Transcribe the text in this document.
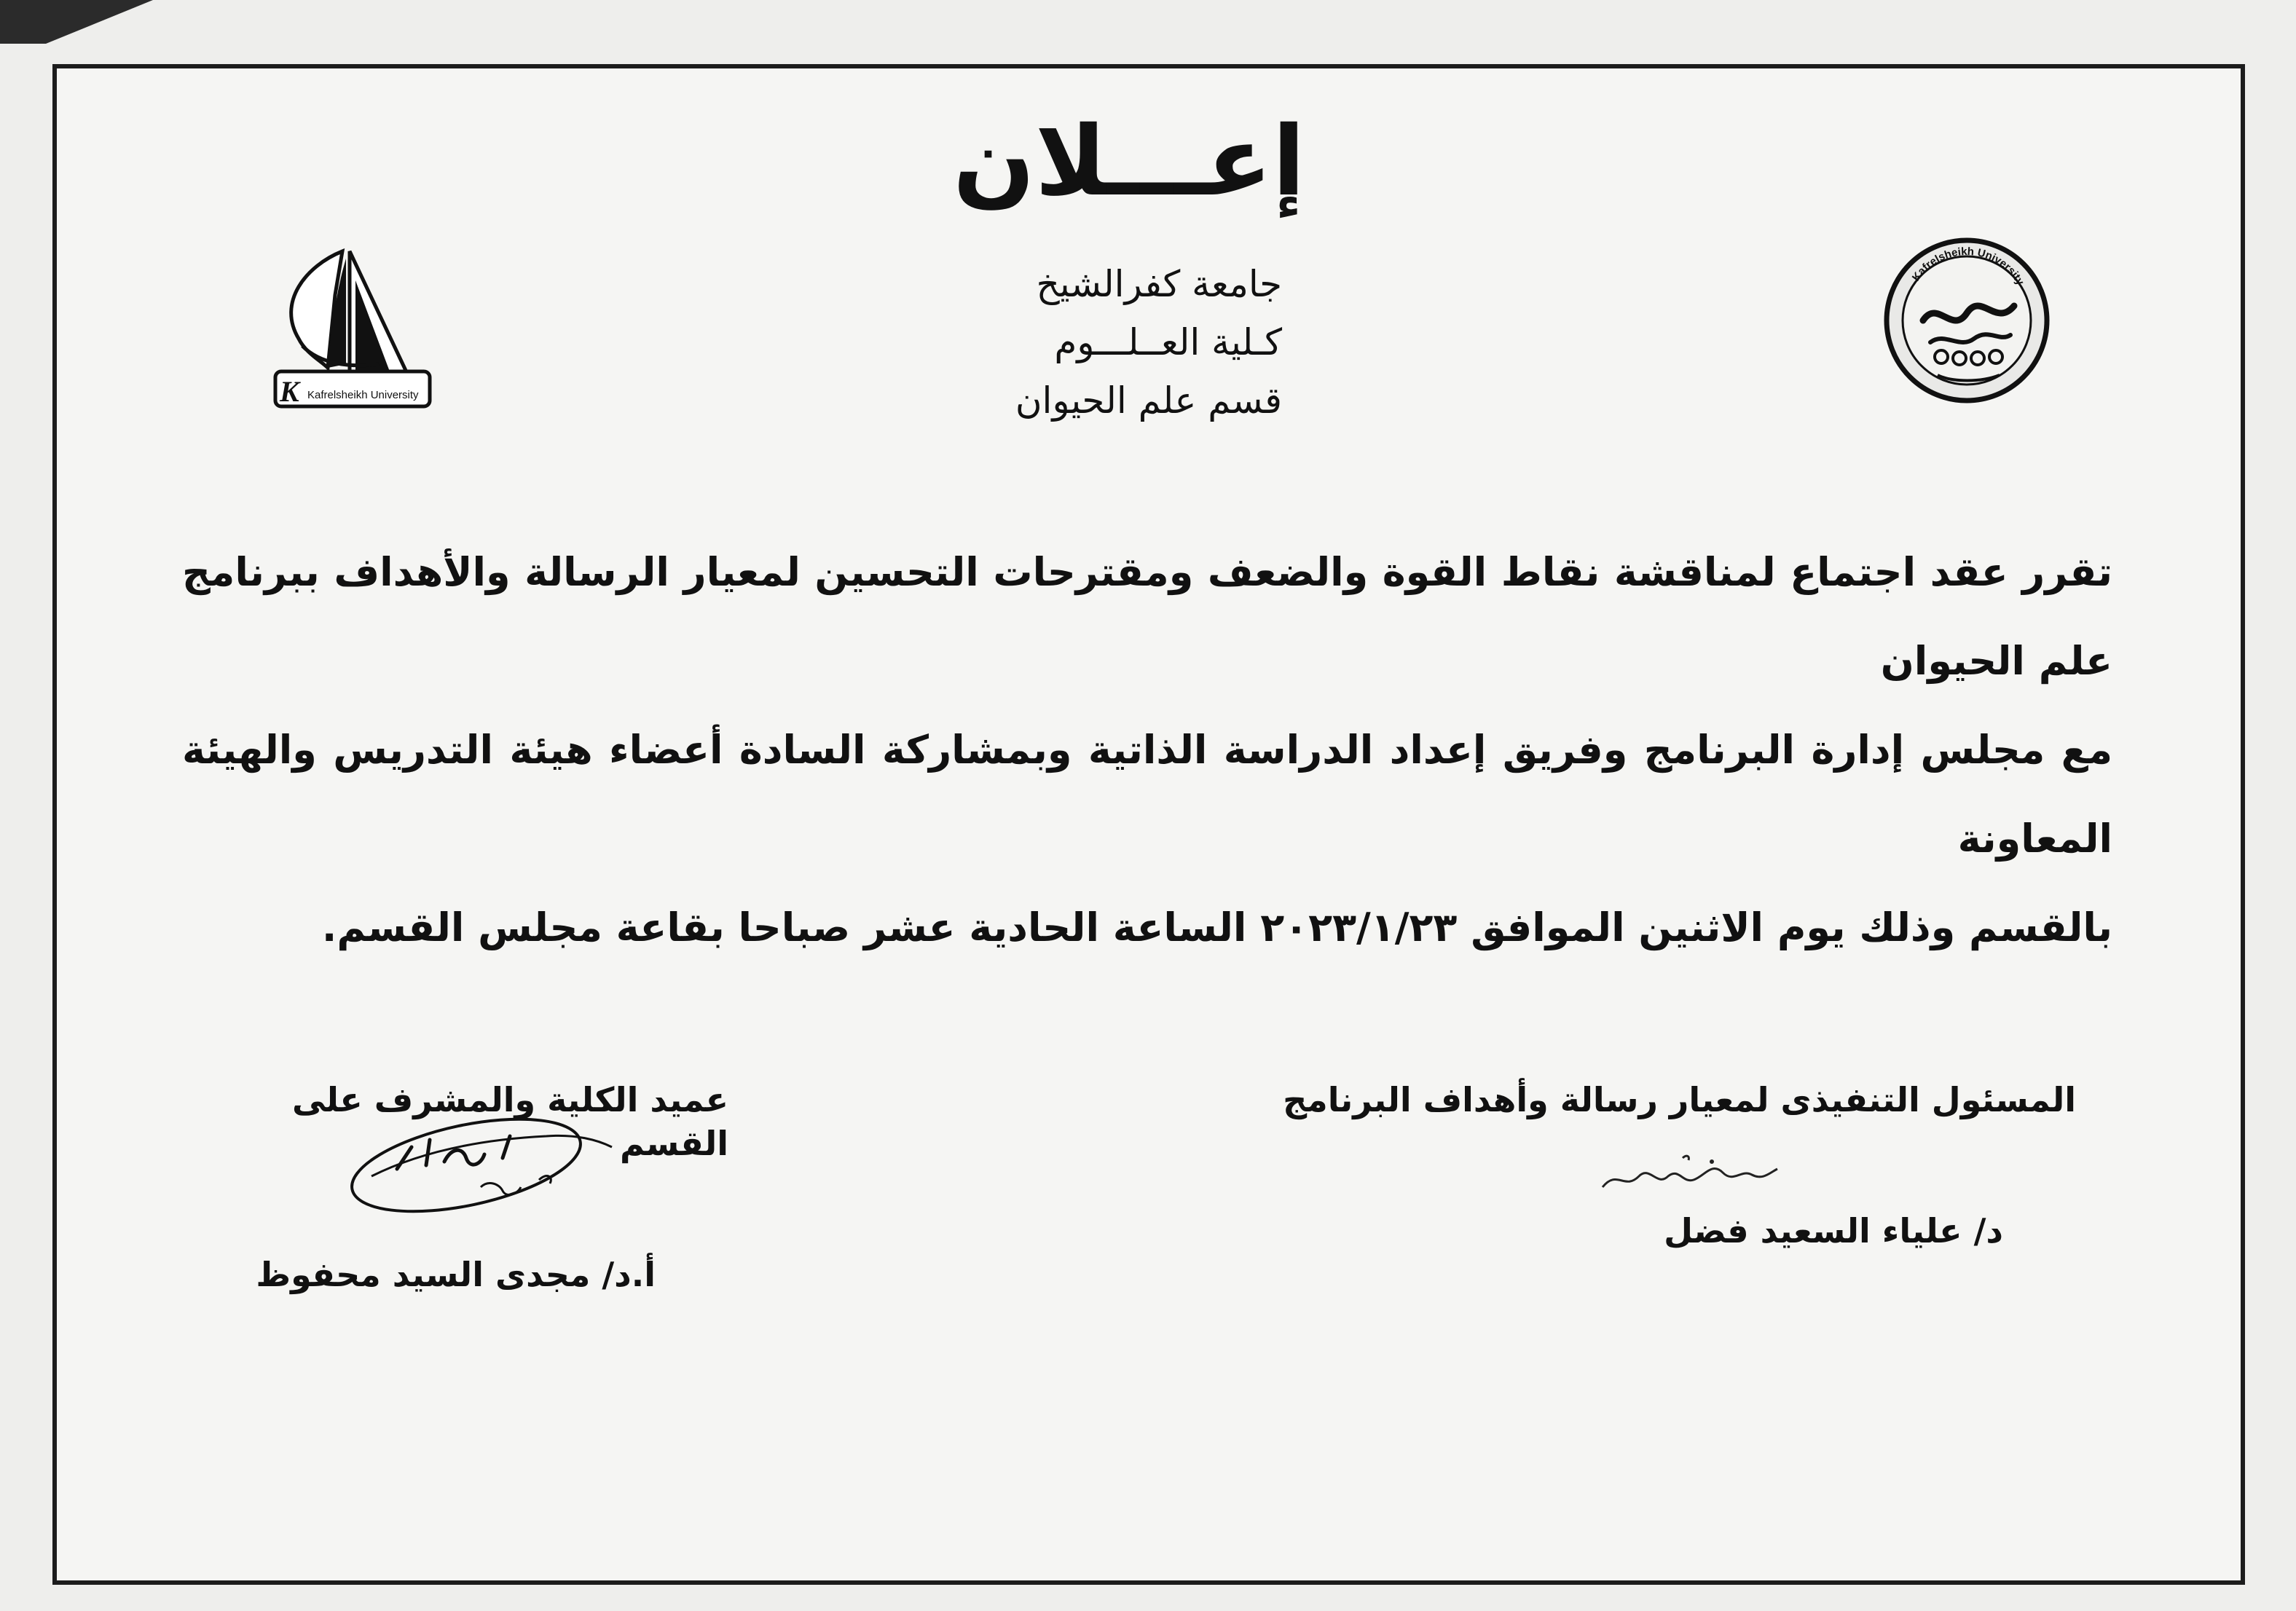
إعـــلان
جامعة كفرالشيخ
كـلية العــلـــوم
قسم علم الحيوان
K Kafrelsheikh University
Kafrelsheikh University

تقرر عقد اجتماع لمناقشة نقاط القوة والضعف ومقترحات التحسين لمعيار الرسالة والأهداف ببرنامج علم الحيوان

مع مجلس إدارة البرنامج وفريق إعداد الدراسة الذاتية وبمشاركة السادة أعضاء هيئة التدريس والهيئة المعاونة

بالقسم وذلك يوم الاثنين الموافق ٢٠٢٣/١/٢٣ الساعة الحادية عشر صباحا بقاعة مجلس القسم.

المسئول التنفيذى لمعيار رسالة وأهداف البرنامج
د/ علياء السعيد فضل
عميد الكلية والمشرف على القسم
أ.د/ مجدى السيد محفوظ
